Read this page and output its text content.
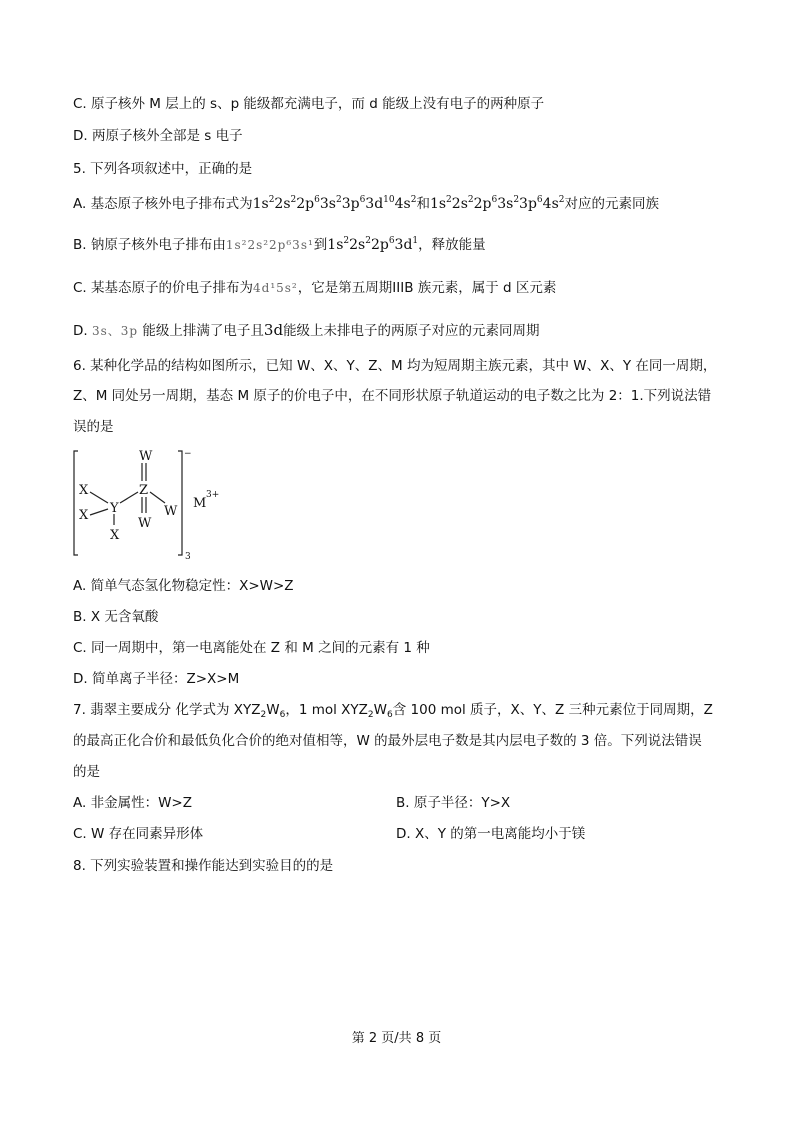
C. 原子核外 M 层上的 s、p 能级都充满电子，而 d 能级上没有电子的两种原子
D. 两原子核外全部是 s 电子
5. 下列各项叙述中，正确的是
A. 基态原子核外电子排布式为$1s^22s^22p^63s^23p^63d^{10}4s^2$和$1s^22s^22p^63s^23p^64s^2$对应的元素同族
B. 钠原子核外电子排布由1s²2s²2p⁶3s¹到$1s^22s^22p^63d^1$，释放能量
C. 某基态原子的价电子排布为4d¹5s²，它是第五周期IIIB 族元素，属于 d 区元素
D. 3s、3p 能级上排满了电子且3d能级上未排电子的两原子对应的元素同周期
6. 某种化学品的结构如图所示，已知 W、X、Y、Z、M 均为短周期主族元素，其中 W、X、Y 在同一周期，
Z、M 同处另一周期，基态 M 原子的价电子中，在不同形状原子轨道运动的电子数之比为 2：1.下列说法错
误的是
W
Z
Y
X
X
X
W
W
M
3+
−
3
A. 简单气态氢化物稳定性：X>W>Z
B. X 无含氧酸
C. 同一周期中，第一电离能处在 Z 和 M 之间的元素有 1 种
D. 简单离子半径：Z>X>M
7. 翡翠主要成分 化学式为 $XYZ_2W_6$，1 mol $XYZ_2W_6$含 100 mol 质子，X、Y、Z 三种元素位于同周期，Z
的最高正化合价和最低负化合价的绝对值相等，W 的最外层电子数是其内层电子数的 3 倍。下列说法错误
的是
A. 非金属性：W>Z	B. 原子半径：Y>X
C. W 存在同素异形体	D. X、Y 的第一电离能均小于镁
8. 下列实验装置和操作能达到实验目的的是
第 2 页/共 8 页
